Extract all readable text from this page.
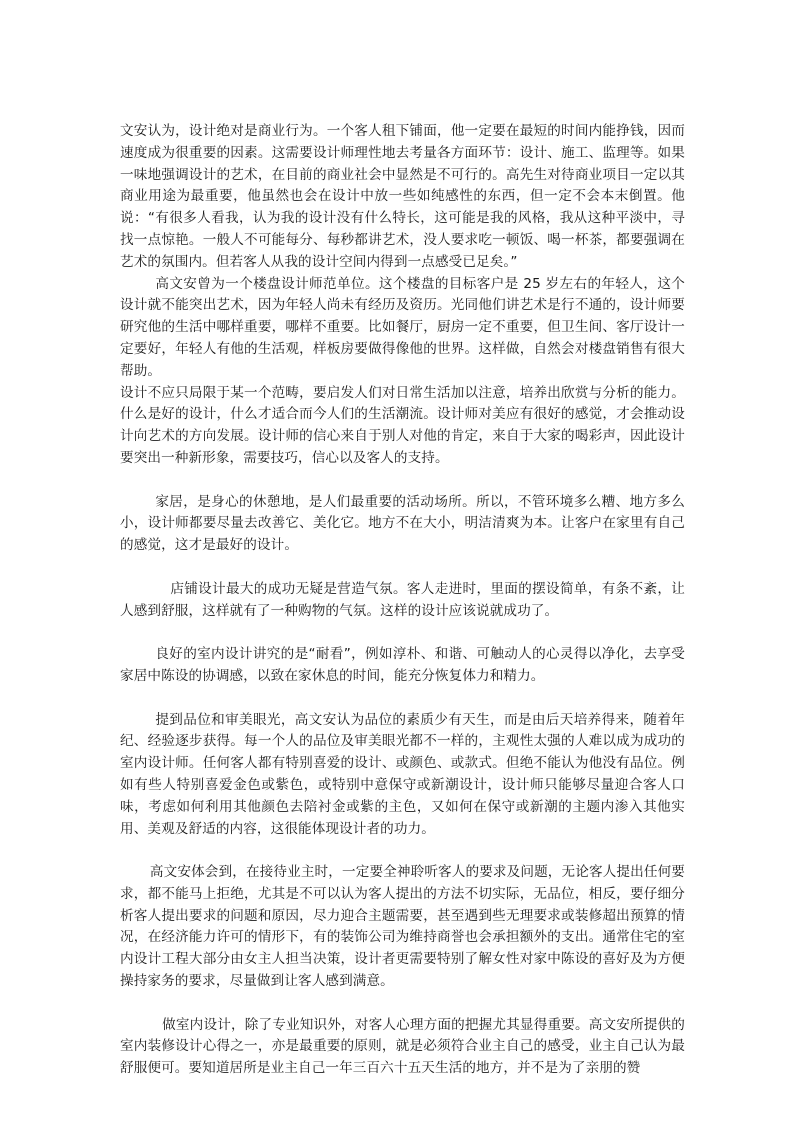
文安认为，设计绝对是商业行为。一个客人租下铺面，他一定要在最短的时间内能挣钱，因而速度成为很重要的因素。这需要设计师理性地去考量各方面环节：设计、施工、监理等。如果一味地强调设计的艺术，在目前的商业社会中显然是不可行的。高先生对待商业项目一定以其商业用途为最重要，他虽然也会在设计中放一些如纯感性的东西，但一定不会本末倒置。他说：“有很多人看我，认为我的设计没有什么特长，这可能是我的风格，我从这种平淡中，寻找一点惊艳。一般人不可能每分、每秒都讲艺术，没人要求吃一顿饭、喝一杯茶，都要强调在艺术的氛围内。但若客人从我的设计空间内得到一点感受已足矣。”

高文安曾为一个楼盘设计师范单位。这个楼盘的目标客户是 25 岁左右的年轻人，这个设计就不能突出艺术，因为年轻人尚未有经历及资历。光同他们讲艺术是行不通的，设计师要研究他的生活中哪样重要，哪样不重要。比如餐厅，厨房一定不重要，但卫生间、客厅设计一定要好，年轻人有他的生活观，样板房要做得像他的世界。这样做，自然会对楼盘销售有很大帮助。

设计不应只局限于某一个范畴，要启发人们对日常生活加以注意，培养出欣赏与分析的能力。什么是好的设计，什么才适合而今人们的生活潮流。设计师对美应有很好的感觉，才会推动设计向艺术的方向发展。设计师的信心来自于别人对他的肯定，来自于大家的喝彩声，因此设计要突出一种新形象，需要技巧，信心以及客人的支持。

家居，是身心的休憩地，是人们最重要的活动场所。所以，不管环境多么糟、地方多么小，设计师都要尽量去改善它、美化它。地方不在大小，明洁清爽为本。让客户在家里有自己的感觉，这才是最好的设计。

店铺设计最大的成功无疑是营造气氛。客人走进时，里面的摆设简单，有条不紊，让人感到舒服，这样就有了一种购物的气氛。这样的设计应该说就成功了。

良好的室内设计讲究的是“耐看”，例如淳朴、和谐、可触动人的心灵得以净化，去享受家居中陈设的协调感，以致在家休息的时间，能充分恢复体力和精力。

提到品位和审美眼光，高文安认为品位的素质少有天生，而是由后天培养得来，随着年纪、经验逐步获得。每一个人的品位及审美眼光都不一样的，主观性太强的人难以成为成功的室内设计师。任何客人都有特别喜爱的设计、或颜色、或款式。但绝不能认为他没有品位。例如有些人特别喜爱金色或紫色，或特别中意保守或新潮设计，设计师只能够尽量迎合客人口味，考虑如何利用其他颜色去陪衬金或紫的主色，又如何在保守或新潮的主题内渗入其他实用、美观及舒适的内容，这很能体现设计者的功力。

高文安体会到，在接待业主时，一定要全神聆听客人的要求及问题，无论客人提出任何要求，都不能马上拒绝，尤其是不可以认为客人提出的方法不切实际，无品位，相反，要仔细分析客人提出要求的问题和原因，尽力迎合主题需要，甚至遇到些无理要求或装修超出预算的情况，在经济能力许可的情形下，有的装饰公司为维持商誉也会承担额外的支出。通常住宅的室内设计工程大部分由女主人担当决策，设计者更需要特别了解女性对家中陈设的喜好及为方便操持家务的要求，尽量做到让客人感到满意。

做室内设计，除了专业知识外，对客人心理方面的把握尤其显得重要。高文安所提供的室内装修设计心得之一，亦是最重要的原则，就是必须符合业主自己的感受，业主自己认为最舒服便可。要知道居所是业主自己一年三百六十五天生活的地方，并不是为了亲朋的赞
